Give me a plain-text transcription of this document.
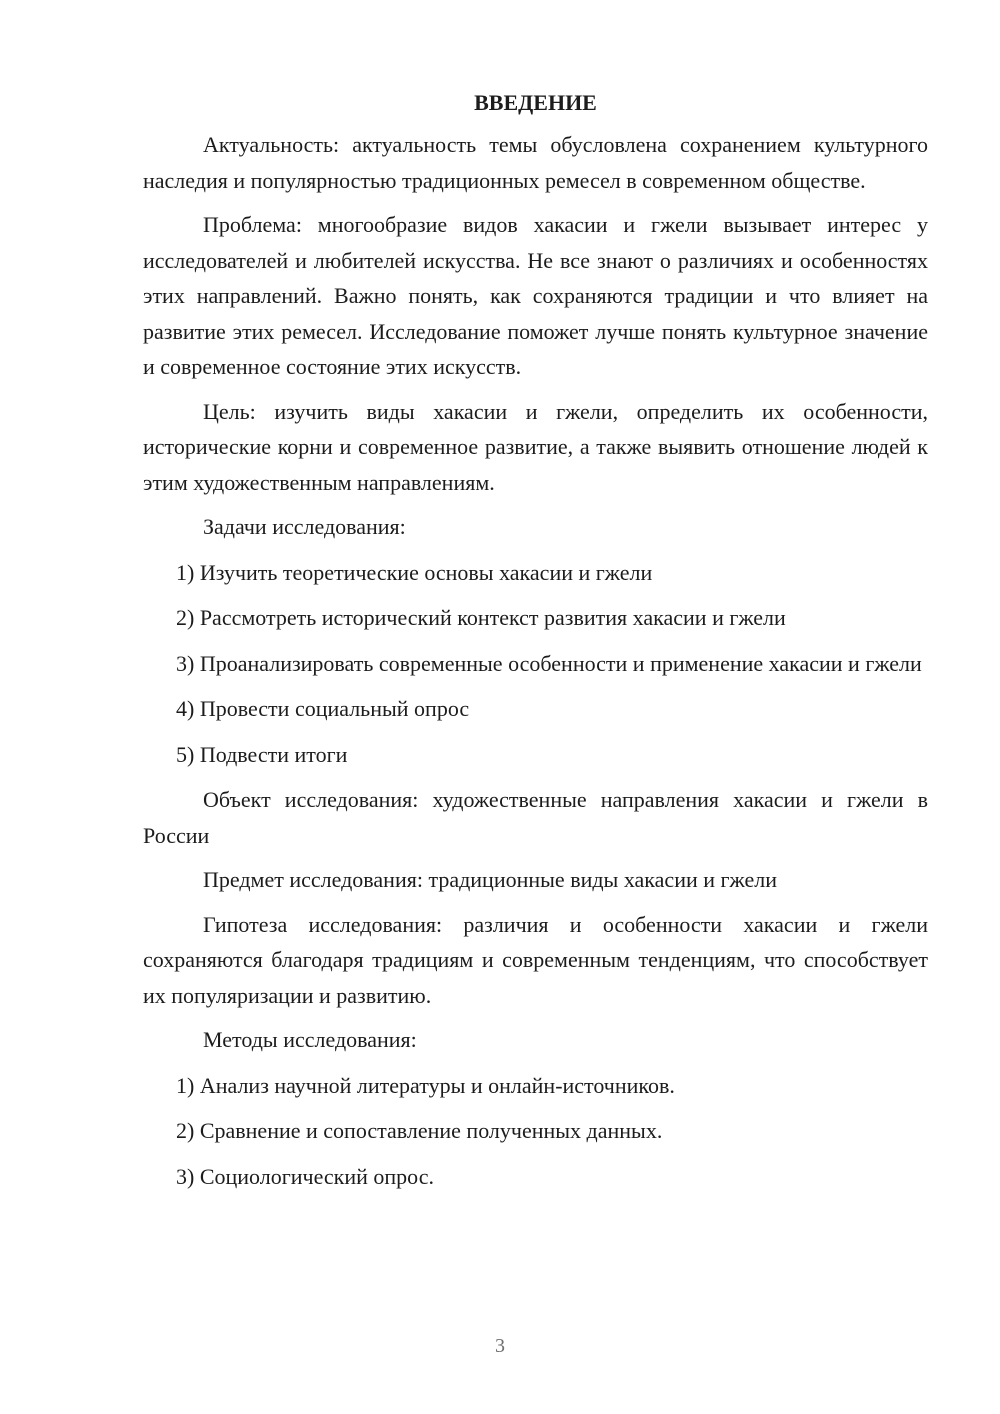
ВВЕДЕНИЕ

Актуальность: актуальность темы обусловлена сохранением культурного наследия и популярностью традиционных ремесел в современном обществе.

Проблема: многообразие видов хакасии и гжели вызывает интерес у исследователей и любителей искусства. Не все знают о различиях и особенностях этих направлений. Важно понять, как сохраняются традиции и что влияет на развитие этих ремесел. Исследование поможет лучше понять культурное значение и современное состояние этих искусств.

Цель: изучить виды хакасии и гжели, определить их особенности, исторические корни и современное развитие, а также выявить отношение людей к этим художественным направлениям.

Задачи исследования:

1) Изучить теоретические основы хакасии и гжели

2) Рассмотреть исторический контекст развития хакасии и гжели

3) Проанализировать современные особенности и применение хакасии и гжели

4) Провести социальный опрос

5) Подвести итоги

Объект исследования: художественные направления хакасии и гжели в России

Предмет исследования: традиционные виды хакасии и гжели

Гипотеза исследования: различия и особенности хакасии и гжели сохраняются благодаря традициям и современным тенденциям, что способствует их популяризации и развитию.

Методы исследования:

1) Анализ научной литературы и онлайн-источников.

2) Сравнение и сопоставление полученных данных.

3) Социологический опрос.

3
